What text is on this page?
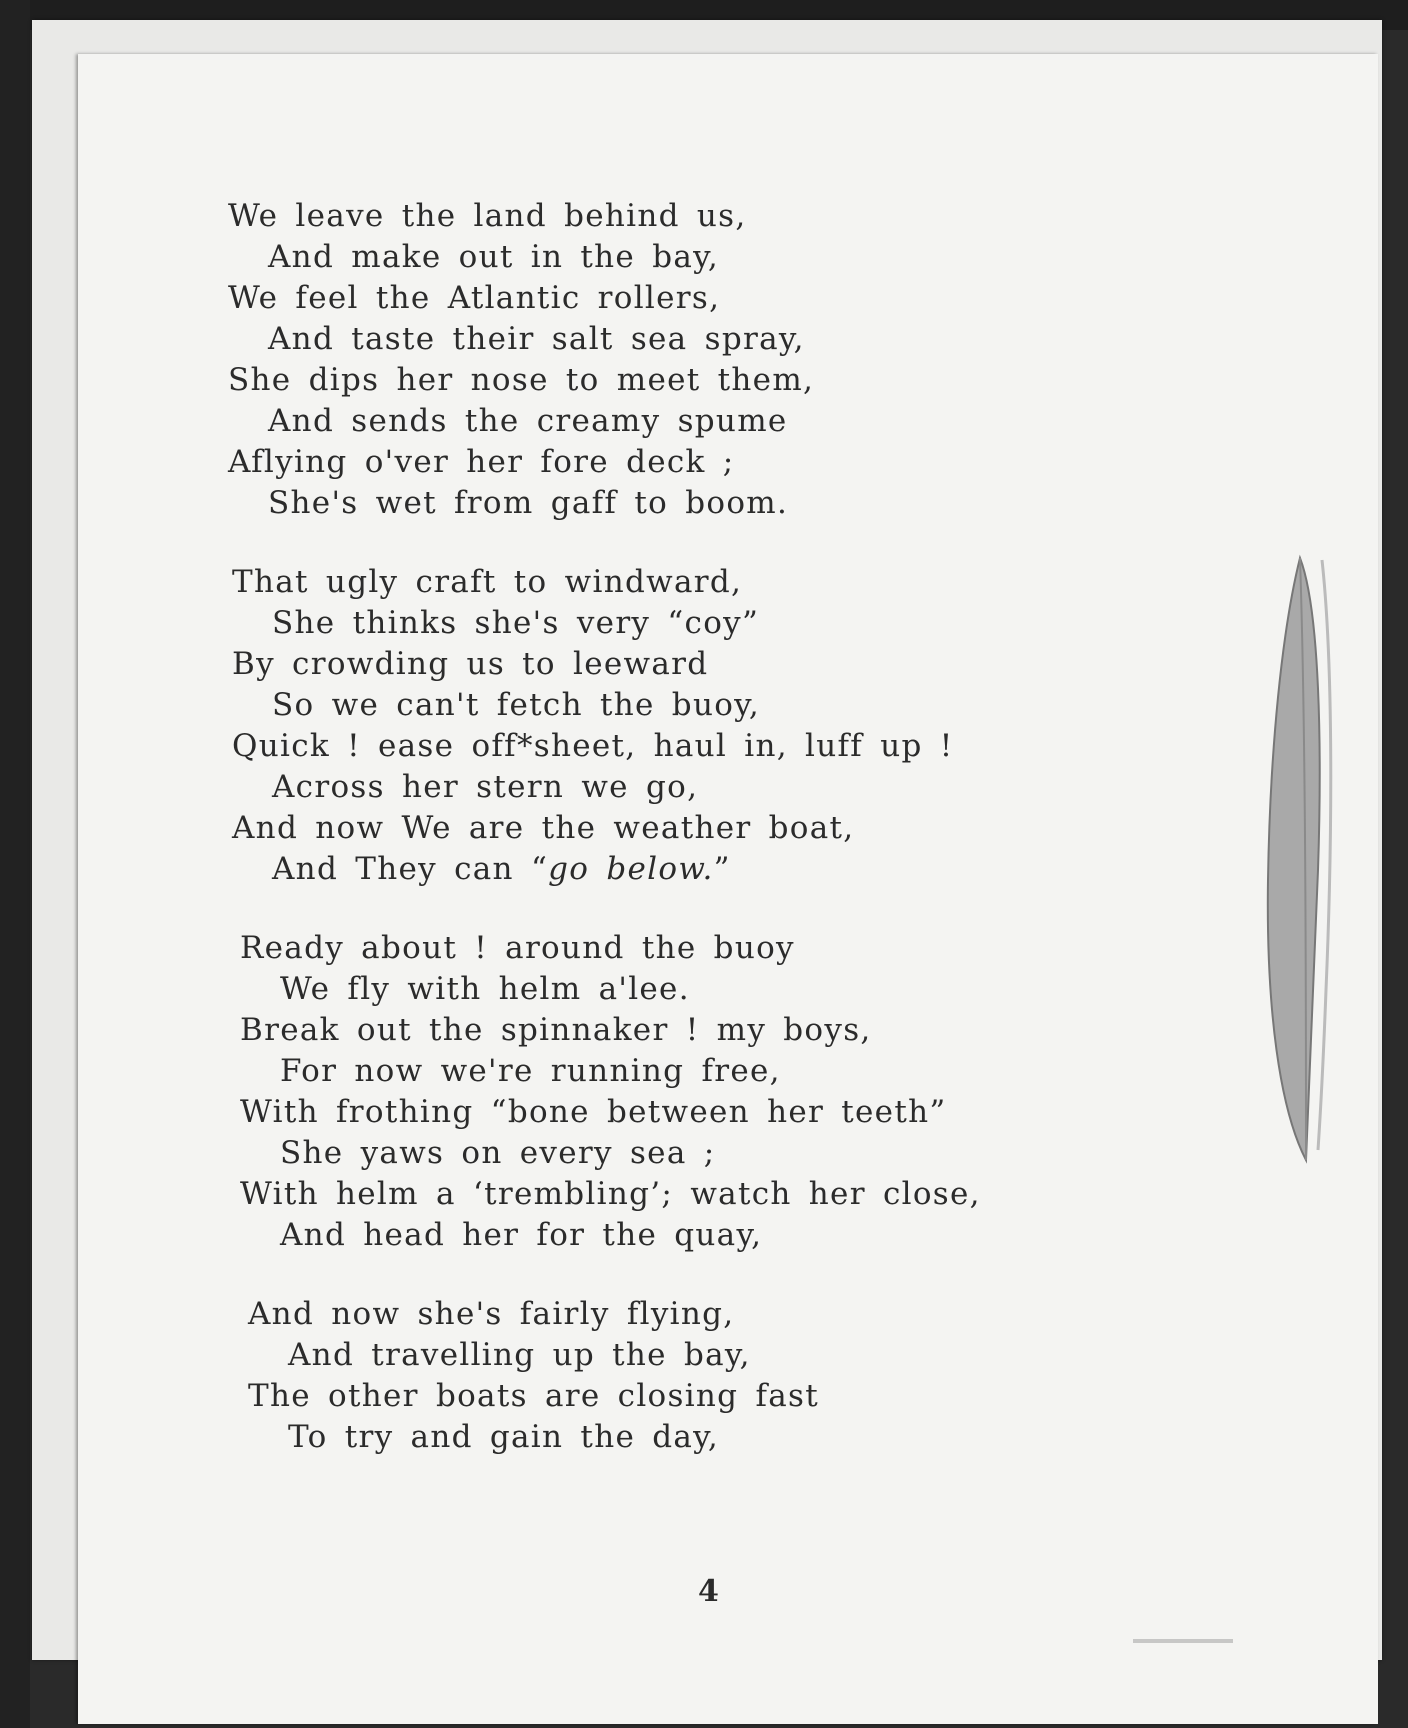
We leave the land behind us,
And make out in the bay,
We feel the Atlantic rollers,
And taste their salt sea spray,
She dips her nose to meet them,
And sends the creamy spume
Aflying o'ver her fore deck ;
She's wet from gaff to boom.
That ugly craft to windward,
She thinks she's very “coy”
By crowding us to leeward
So we can't fetch the buoy,
Quick ! ease off*sheet, haul in, luff up !
Across her stern we go,
And now We are the weather boat,
And They can “go below.”
Ready about ! around the buoy
We fly with helm a'lee.
Break out the spinnaker ! my boys,
For now we're running free,
With frothing “bone between her teeth”
She yaws on every sea ;
With helm a ‘trembling’; watch her close,
And head her for the quay,
And now she's fairly flying,
And travelling up the bay,
The other boats are closing fast
To try and gain the day,
4
